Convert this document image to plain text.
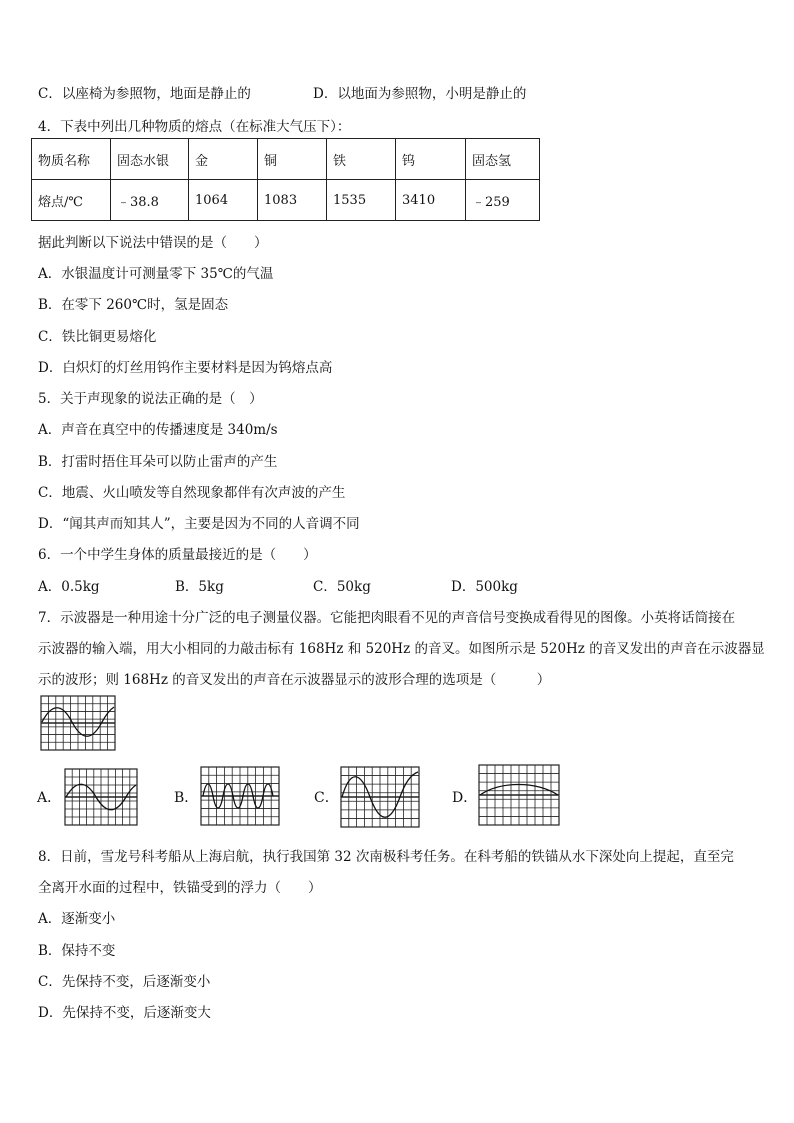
C．以座椅为参照物，地面是静止的	D．以地面为参照物，小明是静止的
4．下表中列出几种物质的熔点（在标准大气压下）：
物质名称	固态水银	金	铜	铁	钨	固态氢
熔点/℃	﹣38.8	1064	1083	1535	3410	﹣259
据此判断以下说法中错误的是（　　）
A．水银温度计可测量零下 35℃的气温
B．在零下 260℃时，氢是固态
C．铁比铜更易熔化
D．白炽灯的灯丝用钨作主要材料是因为钨熔点高
5．关于声现象的说法正确的是（　）
A．声音在真空中的传播速度是 340m/s
B．打雷时捂住耳朵可以防止雷声的产生
C．地震、火山喷发等自然现象都伴有次声波的产生
D．“闻其声而知其人”，主要是因为不同的人音调不同
6．一个中学生身体的质量最接近的是（　　）
A．0.5kg	B．5kg	C．50kg	D．500kg
7．示波器是一种用途十分广泛的电子测量仪器。它能把肉眼看不见的声音信号变换成看得见的图像。小英将话筒接在
示波器的输入端，用大小相同的力敲击标有 168Hz 和 520Hz 的音叉。如图所示是 520Hz 的音叉发出的声音在示波器显
示的波形；则 168Hz 的音叉发出的声音在示波器显示的波形合理的选项是（　　　）
A．	B．	C．	D．
8．日前，雪龙号科考船从上海启航，执行我国第 32 次南极科考任务。在科考船的铁锚从水下深处向上提起，直至完
全离开水面的过程中，铁锚受到的浮力（　　）
A．逐渐变小
B．保持不变
C．先保持不变，后逐渐变小
D．先保持不变，后逐渐变大
